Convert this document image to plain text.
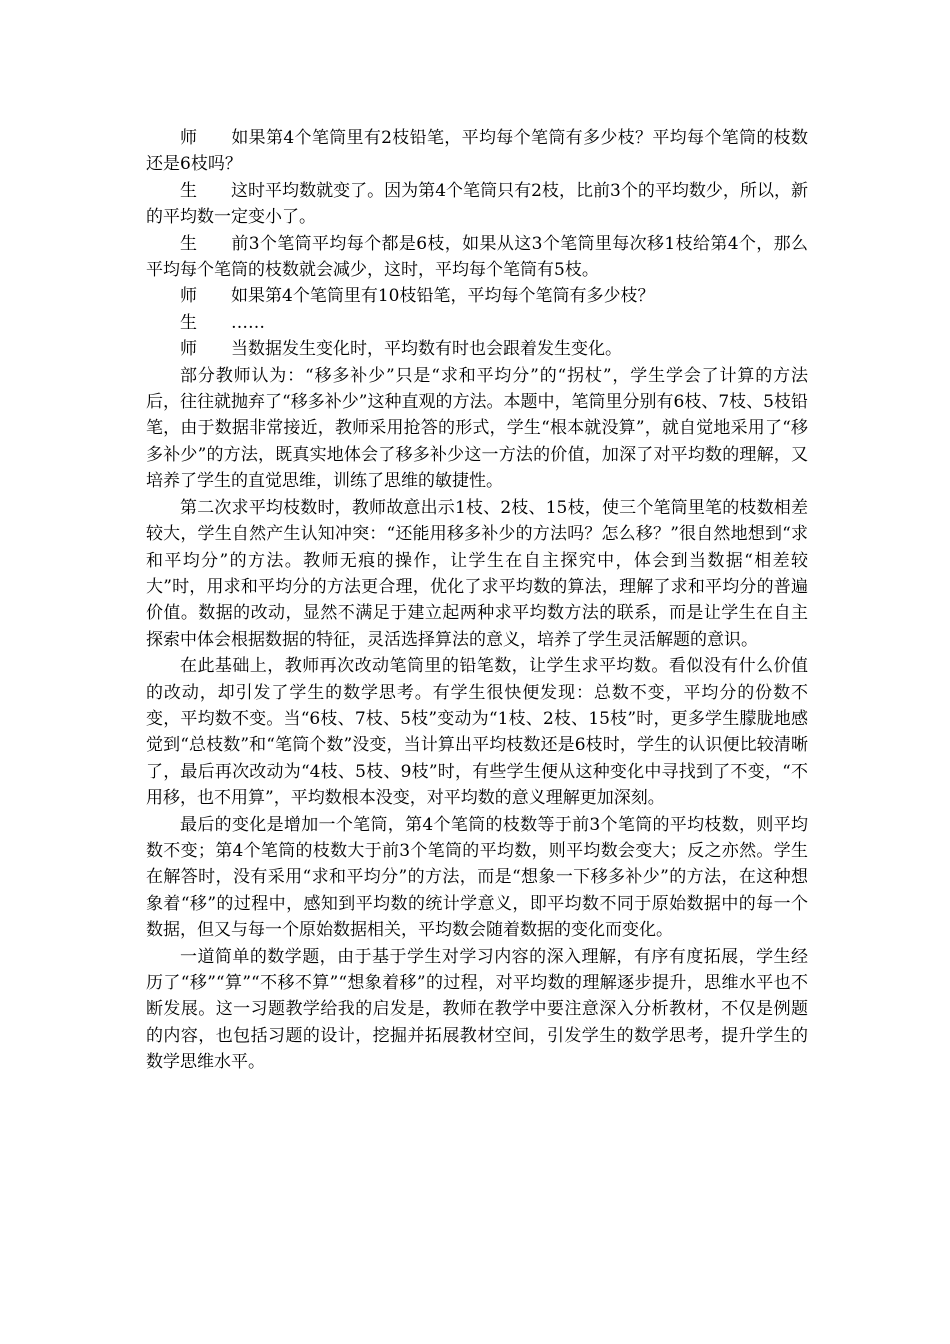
师 如果第4个笔筒里有2枝铅笔，平均每个笔筒有多少枝？平均每个笔筒的枝数还是6枝吗？

生 这时平均数就变了。因为第4个笔筒只有2枝，比前3个的平均数少，所以，新的平均数一定变小了。

生 前3个笔筒平均每个都是6枝，如果从这3个笔筒里每次移1枝给第4个，那么平均每个笔筒的枝数就会减少，这时，平均每个笔筒有5枝。

师 如果第4个笔筒里有10枝铅笔，平均每个笔筒有多少枝？

生 ……

师 当数据发生变化时，平均数有时也会跟着发生变化。

部分教师认为：“移多补少”只是“求和平均分”的“拐杖”，学生学会了计算的方法后，往往就抛弃了“移多补少”这种直观的方法。本题中，笔筒里分别有6枝、7枝、5枝铅笔，由于数据非常接近，教师采用抢答的形式，学生“根本就没算”，就自觉地采用了“移多补少”的方法，既真实地体会了移多补少这一方法的价值，加深了对平均数的理解，又培养了学生的直觉思维，训练了思维的敏捷性。

第二次求平均枝数时，教师故意出示1枝、2枝、15枝，使三个笔筒里笔的枝数相差较大，学生自然产生认知冲突：“还能用移多补少的方法吗？怎么移？”很自然地想到“求和平均分”的方法。教师无痕的操作，让学生在自主探究中，体会到当数据“相差较大”时，用求和平均分的方法更合理，优化了求平均数的算法，理解了求和平均分的普遍价值。数据的改动，显然不满足于建立起两种求平均数方法的联系，而是让学生在自主探索中体会根据数据的特征，灵活选择算法的意义，培养了学生灵活解题的意识。

在此基础上，教师再次改动笔筒里的铅笔数，让学生求平均数。看似没有什么价值的改动，却引发了学生的数学思考。有学生很快便发现：总数不变，平均分的份数不变，平均数不变。当“6枝、7枝、5枝”变动为“1枝、2枝、15枝”时，更多学生朦胧地感觉到“总枝数”和“笔筒个数”没变，当计算出平均枝数还是6枝时，学生的认识便比较清晰了，最后再次改动为“4枝、5枝、9枝”时，有些学生便从这种变化中寻找到了不变，“不用移，也不用算”，平均数根本没变，对平均数的意义理解更加深刻。

最后的变化是增加一个笔筒，第4个笔筒的枝数等于前3个笔筒的平均枝数，则平均数不变；第4个笔筒的枝数大于前3个笔筒的平均数，则平均数会变大；反之亦然。学生在解答时，没有采用“求和平均分”的方法，而是“想象一下移多补少”的方法，在这种想象着“移”的过程中，感知到平均数的统计学意义，即平均数不同于原始数据中的每一个数据，但又与每一个原始数据相关，平均数会随着数据的变化而变化。

一道简单的数学题，由于基于学生对学习内容的深入理解，有序有度拓展，学生经历了“移”“算”“不移不算”“想象着移”的过程，对平均数的理解逐步提升，思维水平也不断发展。这一习题教学给我的启发是，教师在教学中要注意深入分析教材，不仅是例题的内容，也包括习题的设计，挖掘并拓展教材空间，引发学生的数学思考，提升学生的数学思维水平。
